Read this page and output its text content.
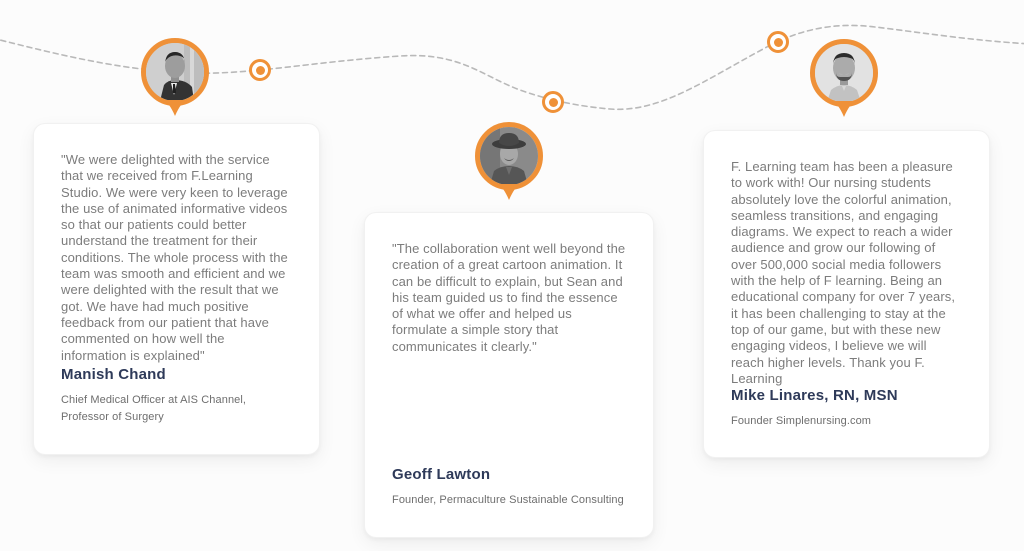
"We were delighted with the service that we received from F.Learning Studio. We were very keen to leverage the use of animated informative videos so that our patients could better understand the treatment for their conditions. The whole process with the team was smooth and efficient and we were delighted with the result that we got. We have had much positive feedback from our patient that have commented on how well the information is explained"

Manish Chand
Chief Medical Officer at AIS Channel, Professor of Surgery

"The collaboration went well beyond the creation of a great cartoon animation. It can be difficult to explain, but Sean and his team guided us to find the essence of what we offer and helped us formulate a simple story that communicates it clearly."

Geoff Lawton
Founder, Permaculture Sustainable Consulting

F. Learning team has been a pleasure to work with! Our nursing students absolutely love the colorful animation, seamless transitions, and engaging diagrams. We expect to reach a wider audience and grow our following of over 500,000 social media followers with the help of F learning. Being an educational company for over 7 years, it has been challenging to stay at the top of our game, but with these new engaging videos, I believe we will reach higher levels. Thank you F. Learning

Mike Linares, RN, MSN
Founder Simplenursing.com
